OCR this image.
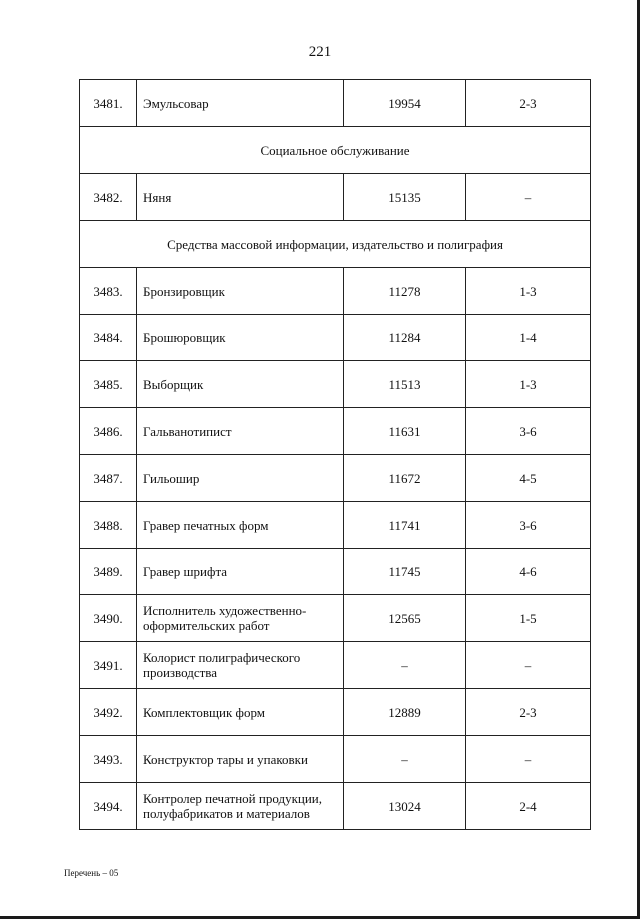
221
3481.	Эмульсовар	19954	2-3
Социальное обслуживание			
3482.	Няня	15135	–
Средства массовой информации, издательство и полиграфия			
3483.	Бронзировщик	11278	1-3
3484.	Брошюровщик	11284	1-4
3485.	Выборщик	11513	1-3
3486.	Гальванотипист	11631	3-6
3487.	Гильошир	11672	4-5
3488.	Гравер печатных форм	11741	3-6
3489.	Гравер шрифта	11745	4-6
3490.	Исполнитель художественно-оформительских работ	12565	1-5
3491.	Колорист полиграфического производства	–	–
3492.	Комплектовщик форм	12889	2-3
3493.	Конструктор тары и упаковки	–	–
3494.	Контролер печатной продукции, полуфабрикатов и материалов	13024	2-4
Перечень – 05
